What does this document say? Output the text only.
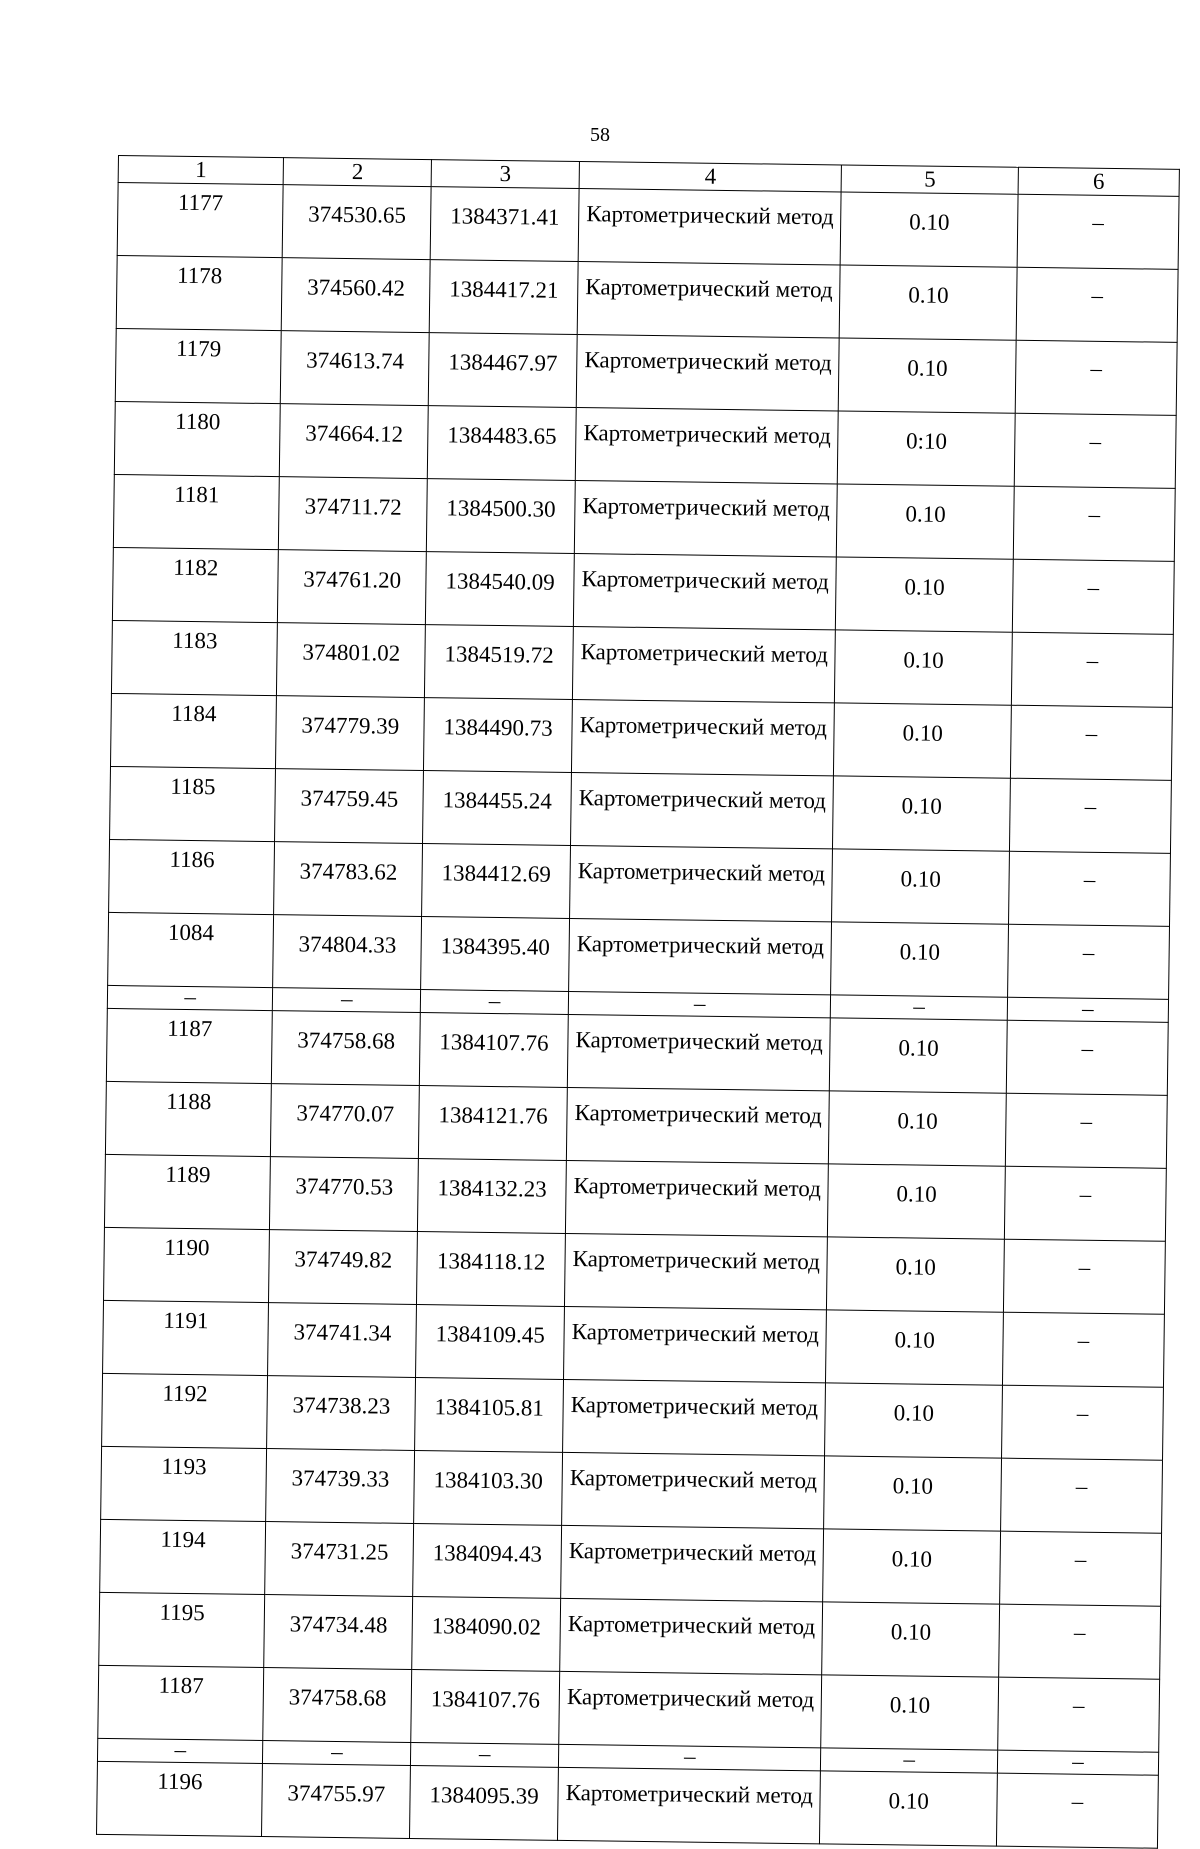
58
1	2	3	4	5	6
1177	374530.65	1384371.41	Картометрический метод	0.10	–
1178	374560.42	1384417.21	Картометрический метод	0.10	–
1179	374613.74	1384467.97	Картометрический метод	0.10	–
1180	374664.12	1384483.65	Картометрический метод	0:10	–
1181	374711.72	1384500.30	Картометрический метод	0.10	–
1182	374761.20	1384540.09	Картометрический метод	0.10	–
1183	374801.02	1384519.72	Картометрический метод	0.10	–
1184	374779.39	1384490.73	Картометрический метод	0.10	–
1185	374759.45	1384455.24	Картометрический метод	0.10	–
1186	374783.62	1384412.69	Картометрический метод	0.10	–
1084	374804.33	1384395.40	Картометрический метод	0.10	–
–	–	–	–	–	–
1187	374758.68	1384107.76	Картометрический метод	0.10	–
1188	374770.07	1384121.76	Картометрический метод	0.10	–
1189	374770.53	1384132.23	Картометрический метод	0.10	–
1190	374749.82	1384118.12	Картометрический метод	0.10	–
1191	374741.34	1384109.45	Картометрический метод	0.10	–
1192	374738.23	1384105.81	Картометрический метод	0.10	–
1193	374739.33	1384103.30	Картометрический метод	0.10	–
1194	374731.25	1384094.43	Картометрический метод	0.10	–
1195	374734.48	1384090.02	Картометрический метод	0.10	–
1187	374758.68	1384107.76	Картометрический метод	0.10	–
–	–	–	–	–	–
1196	374755.97	1384095.39	Картометрический метод	0.10	–
